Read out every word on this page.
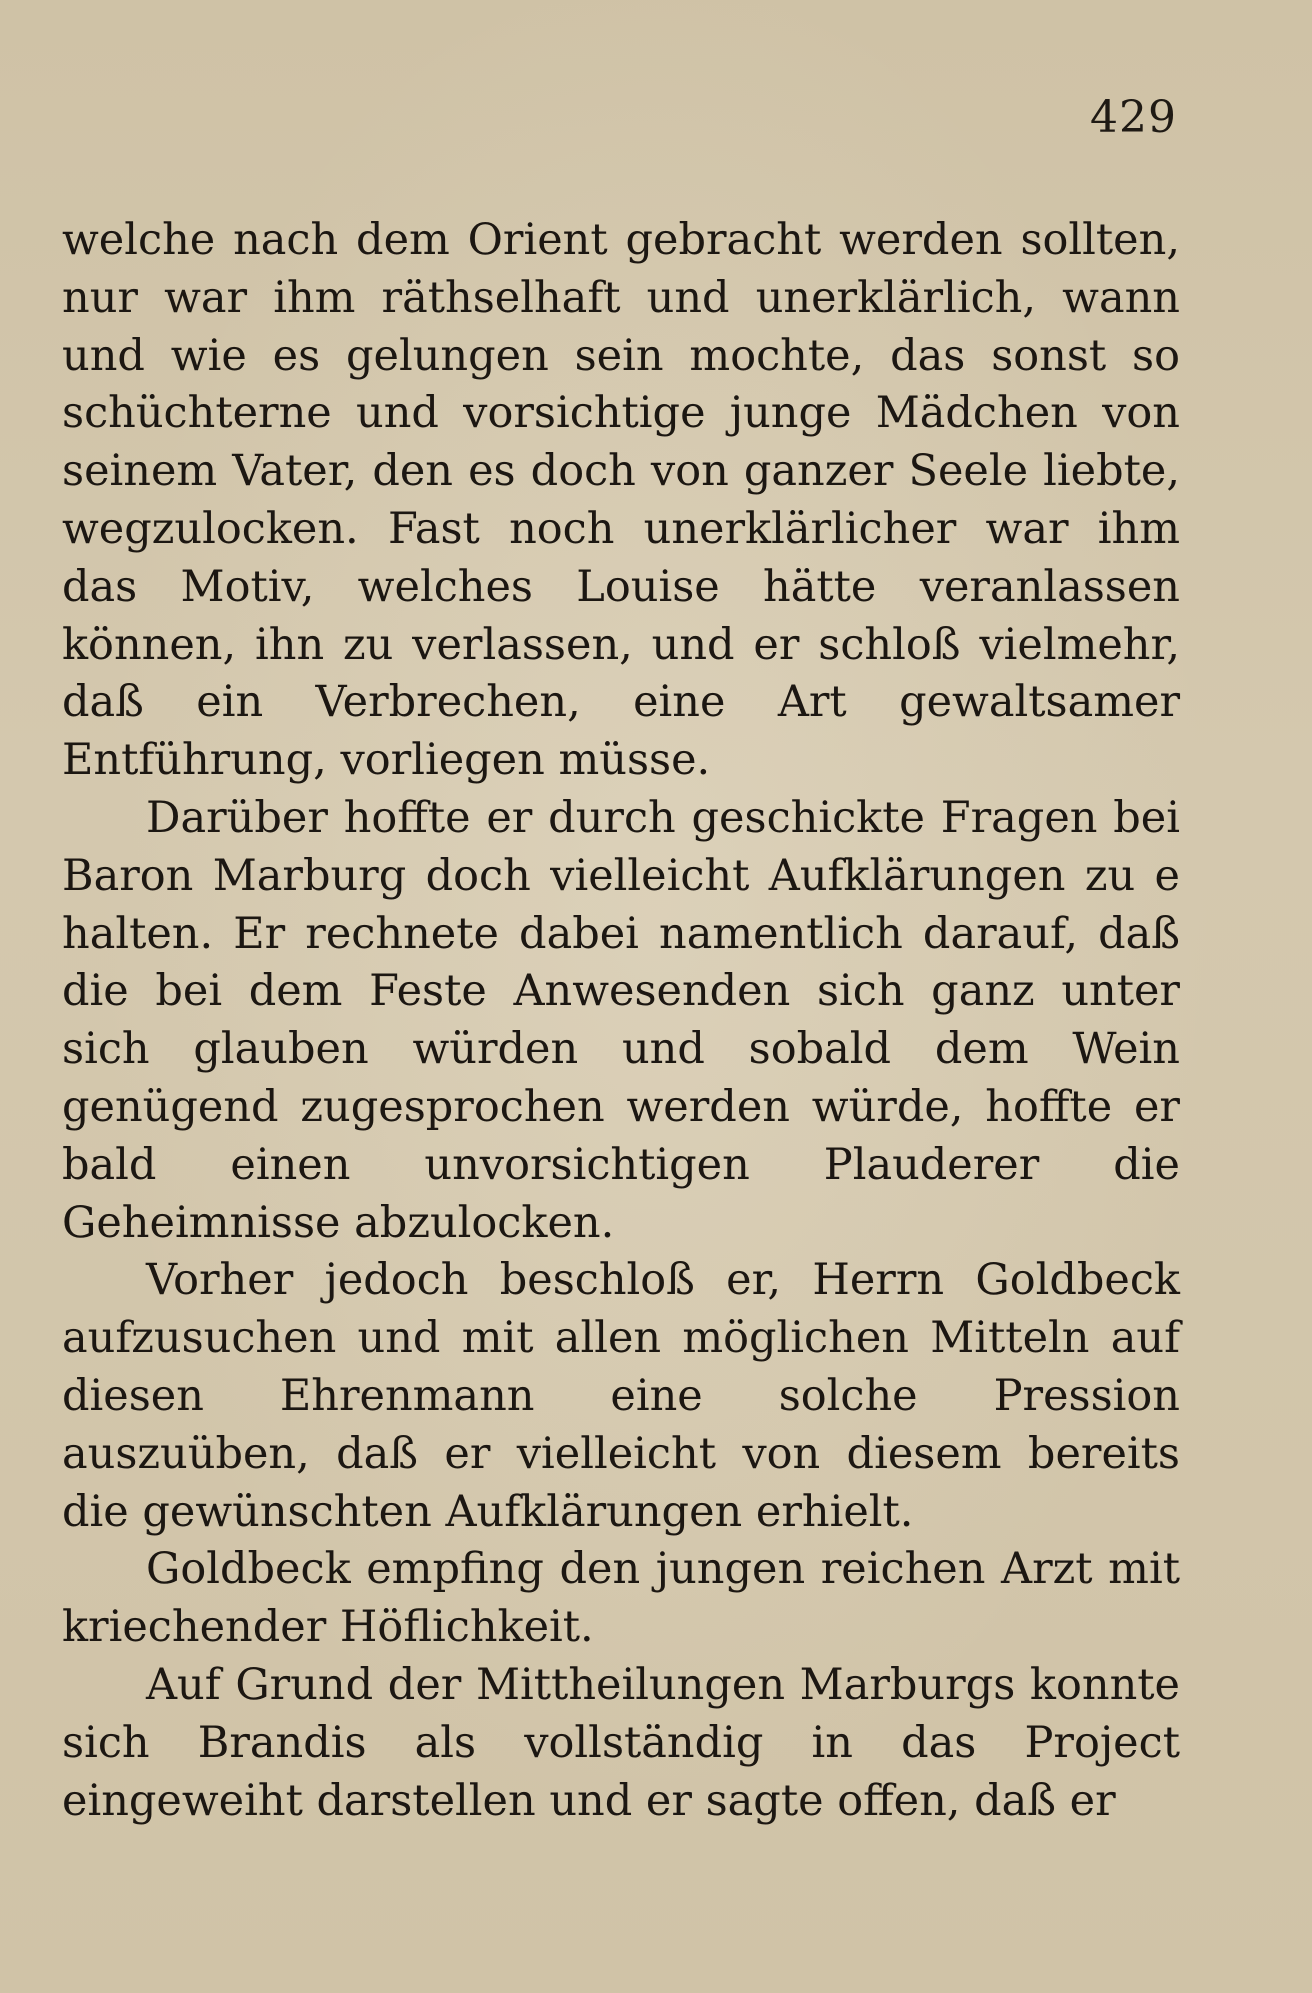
429

welche nach dem Orient gebracht werden sollten, nur war ihm räthselhaft und unerklärlich, wann und wie es gelungen sein mochte, das sonst so schüchterne und vorsichtige junge Mädchen von seinem Vater, den es doch von ganzer Seele liebte, wegzulocken. Fast noch unerklärlicher war ihm das Motiv, welches Louise hätte veranlassen können, ihn zu verlassen, und er schloß vielmehr, daß ein Verbrechen, eine Art gewaltsamer Entführung, vorliegen müsse.

Darüber hoffte er durch geschickte Fragen bei Baron Marburg doch vielleicht Aufklärungen zu e halten. Er rechnete dabei namentlich darauf, daß die bei dem Feste Anwesenden sich ganz unter sich glauben würden und sobald dem Wein genügend zugesprochen werden würde, hoffte er bald einen unvorsichtigen Plauderer die Geheimnisse abzulocken.

Vorher jedoch beschloß er, Herrn Goldbeck aufzusuchen und mit allen möglichen Mitteln auf diesen Ehrenmann eine solche Pression auszuüben, daß er vielleicht von diesem bereits die gewünschten Aufklärungen erhielt.

Goldbeck empfing den jungen reichen Arzt mit kriechender Höflichkeit.

Auf Grund der Mittheilungen Marburgs konnte sich Brandis als vollständig in das Project eingeweiht darstellen und er sagte offen, daß er
